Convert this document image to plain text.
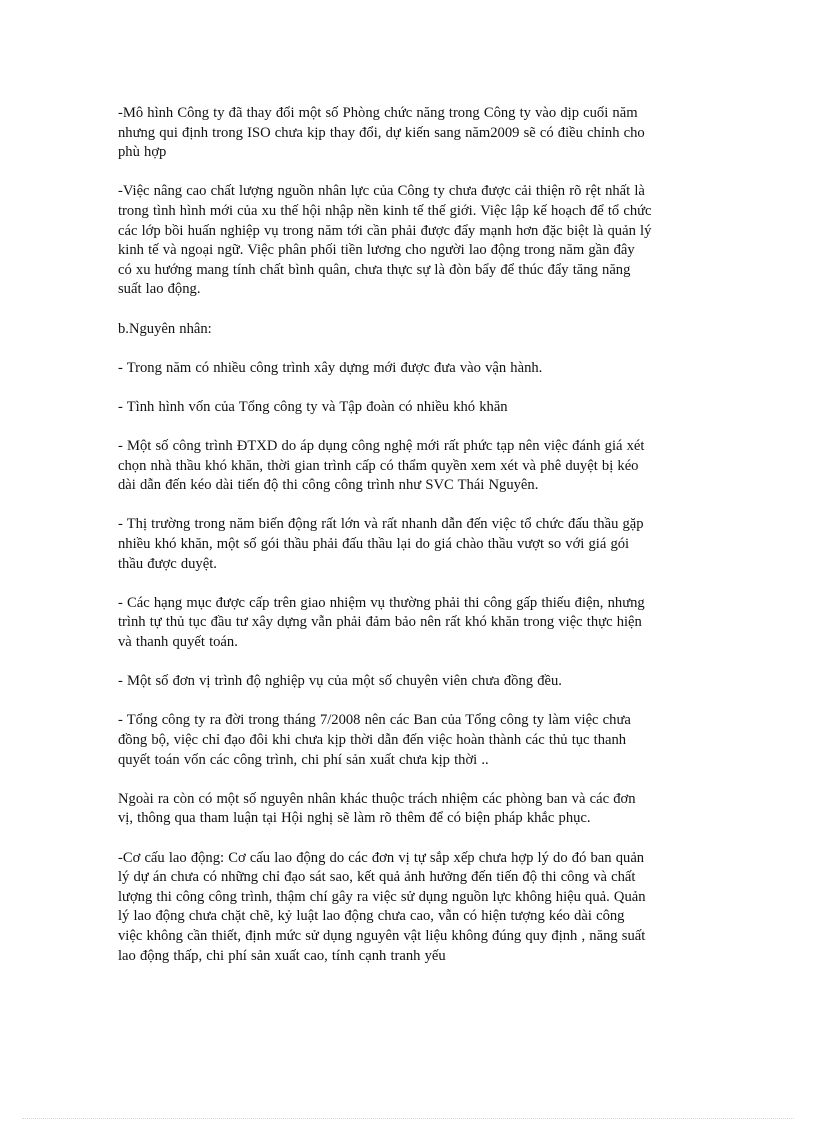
-Mô hình Công ty đã thay đổi một số Phòng chức năng trong Công ty vào dịp cuối năm
nhưng qui định trong ISO chưa kịp thay đổi, dự kiến sang năm2009 sẽ có điều chỉnh cho
phù hợp

-Việc nâng cao chất lượng nguồn nhân lực của Công ty chưa được cải thiện rõ rệt nhất là
trong tình hình mới của xu thế hội nhập nền kinh tế thế giới. Việc lập kế hoạch để tổ chức
các lớp bồi huấn nghiệp vụ trong năm tới cần phải được đẩy mạnh hơn đặc biệt là quản lý
kinh tế và ngoại ngữ. Việc phân phối tiền lương cho người lao động trong năm gần đây
có xu hướng mang tính chất bình quân, chưa thực sự là đòn bẩy để thúc đẩy tăng năng
suất lao động.

b.Nguyên nhân:

- Trong năm có nhiều công trình xây dựng mới được đưa vào vận hành.

- Tình hình vốn của Tổng công ty và Tập đoàn có nhiều khó khăn

- Một số công trình ĐTXD do áp dụng công nghệ mới rất phức tạp nên việc đánh giá xét
chọn nhà thầu khó khăn, thời gian trình cấp có thẩm quyền xem xét và phê duyệt bị kéo
dài dẫn đến kéo dài tiến độ thi công công trình như SVC Thái Nguyên.

- Thị trường trong năm biến động rất lớn và rất nhanh dẫn đến việc tổ chức đấu thầu gặp
nhiều khó khăn, một số gói thầu phải đấu thầu lại do giá chào thầu vượt so với giá gói
thầu được duyệt.

- Các hạng mục được cấp trên giao nhiệm vụ thường phải thi công gấp thiếu điện, nhưng
trình tự thủ tục đầu tư xây dựng vẫn phải đảm bảo nên rất khó khăn trong việc thực hiện
và thanh quyết toán.

- Một số đơn vị trình độ nghiệp vụ của một số chuyên viên chưa đồng đều.

- Tổng công ty ra đời trong tháng 7/2008 nên các Ban của Tổng công ty làm việc chưa
đồng bộ, việc chỉ đạo đôi khi chưa kịp thời dẫn đến việc hoàn thành các thủ tục thanh
quyết toán vốn các công trình, chi phí sản xuất chưa kịp thời ..

Ngoài ra còn có một số nguyên nhân khác thuộc trách nhiệm các phòng ban và các đơn
vị, thông qua tham luận tại Hội nghị sẽ làm rõ thêm để có biện pháp khắc phục.

-Cơ cấu lao động: Cơ cấu lao động do các đơn vị tự sắp xếp chưa hợp lý do đó ban quản
lý dự án chưa có những chỉ đạo sát sao, kết quả ảnh hưởng đến tiến độ thi công và chất
lượng thi công công trình, thậm chí gây ra việc sử dụng nguồn lực không hiệu quả. Quản
lý lao động chưa chặt chẽ, kỷ luật lao động chưa cao, vẫn có hiện tượng kéo dài công
việc không cần thiết, định mức sử dụng nguyên vật liệu không đúng quy định , năng suất
lao động thấp, chi phí sản xuất cao, tính cạnh tranh yếu
